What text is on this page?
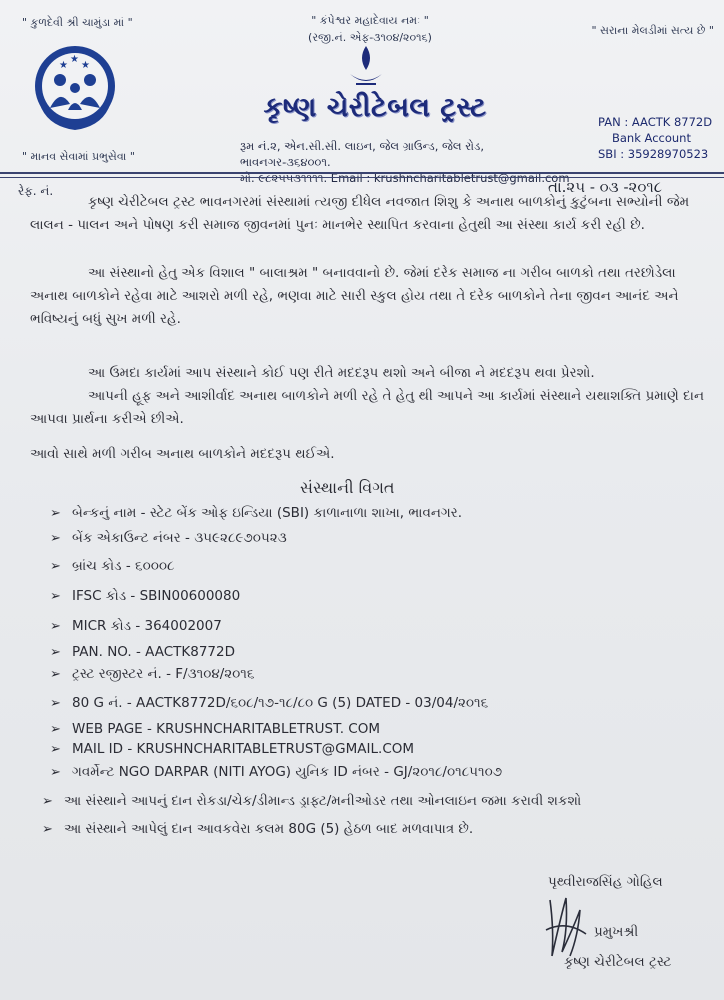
" કુળદેવી શ્રી ચામુંડા માં "	" કંપેશ્વર મહાદેવાય નમઃ "
(રજી.નં. એફ-૩૧૦૪/૨૦૧૬)
" સરાના મેલડીમાં સત્ય છે "
★
★
★
" માનવ સેવામાં પ્રભુસેવા "
કૃષ્ણ ચેરીટેબલ ટ્રસ્ટ
રૂમ નં.૨, એન.સી.સી. લાઇન, જેલ ગ્રાઉન્ડ, જેલ રોડ, ભાવનગર-૩૬૪૦૦૧.
મો. ૯૮૨૫૫૩૧૧૧૧. Email : krushncharitabletrust@gmail.com
PAN : AACTK 8772D
Bank Account
SBI : 35928970523
રેફ. નં.	તા.૨૫ - ૦૩ -૨૦૧૮
કૃષ્ણ ચેરીટેબલ ટ્રસ્ટ ભાવનગરમાં સંસ્થામાં ત્યજી દીધેલ નવજાત શિશુ કે અનાથ બાળકોનું કુટુંબના સભ્યોની જેમ લાલન - પાલન અને પોષણ કરી સમાજ જીવનમાં પુનઃ માનભેર સ્થાપિત કરવાના હેતુથી આ સંસ્થા કાર્ય કરી રહી છે.
આ સંસ્થાનો હેતુ એક વિશાલ " બાલાશ્રમ " બનાવવાનો છે. જેમાં દરેક સમાજ ના ગરીબ બાળકો તથા તરછોડેલા અનાથ બાળકોને રહેવા માટે આશરો મળી રહે, ભણવા માટે સારી સ્કુલ હોય તથા તે દરેક બાળકોને તેના જીવન આનંદ અને ભવિષ્યનું બધું સુખ મળી રહે.
આ ઉમદા કાર્યમાં આપ સંસ્થાને કોઈ પણ રીતે મદદરૂપ થશો અને બીજા ને મદદરૂપ થવા પ્રેરશો.
આપની હૂફ અને આશીર્વાદ અનાથ બાળકોને મળી રહે તે હેતુ થી આપને આ કાર્યમાં સંસ્થાને યથાશક્તિ પ્રમાણે દાન આપવા પ્રાર્થના કરીએ છીએ.
આવો સાથે મળી ગરીબ અનાથ બાળકોને મદદરૂપ થઈએ.
સંસ્થાની વિગત
➢ બેન્કનું નામ - સ્ટેટ બેંક ઓફ ઇન્ડિયા (SBI) કાળાનાળા શાખા, ભાવનગર.
➢ બેંક એકાઉન્ટ નંબર - ૩૫૯૨૮૯૭૦૫૨૩
➢ બ્રાંચ કોડ - ૬૦૦૦૮
➢ IFSC કોડ - SBIN00600080
➢ MICR કોડ - 364002007
➢ PAN. NO. - AACTK8772D
➢ ટ્રસ્ટ રજીસ્ટર નં. - F/૩૧૦૪/૨૦૧૬
➢ 80 G નં. - AACTK8772D/૬૦૮/૧૭-૧૮/૮૦ G (5) DATED - 03/04/૨૦૧૬
➢ WEB PAGE - KRUSHNCHARITABLETRUST. COM
➢ MAIL ID - KRUSHNCHARITABLETRUST@GMAIL.COM
➢ ગવર્મેન્ટ NGO DARPAR (NITI AYOG) યુનિક ID નંબર - GJ/૨૦૧૮/૦૧૮૫૧૦૭
➢ આ સંસ્થાને આપનું દાન રોકડા/ચેક/ડીમાન્ડ ડ્રાફ્ટ/મનીઓડર તથા ઓનલાઇન જમા કરાવી શકશો
➢ આ સંસ્થાને આપેલું દાન આવકવેરા કલમ 80G (5) હેઠળ બાદ મળવાપાત્ર છે.
પૃથ્વીરાજસિંહ ગોહિલ
પ્રમુખશ્રી
કૃષ્ણ ચેરીટેબલ ટ્રસ્ટ
